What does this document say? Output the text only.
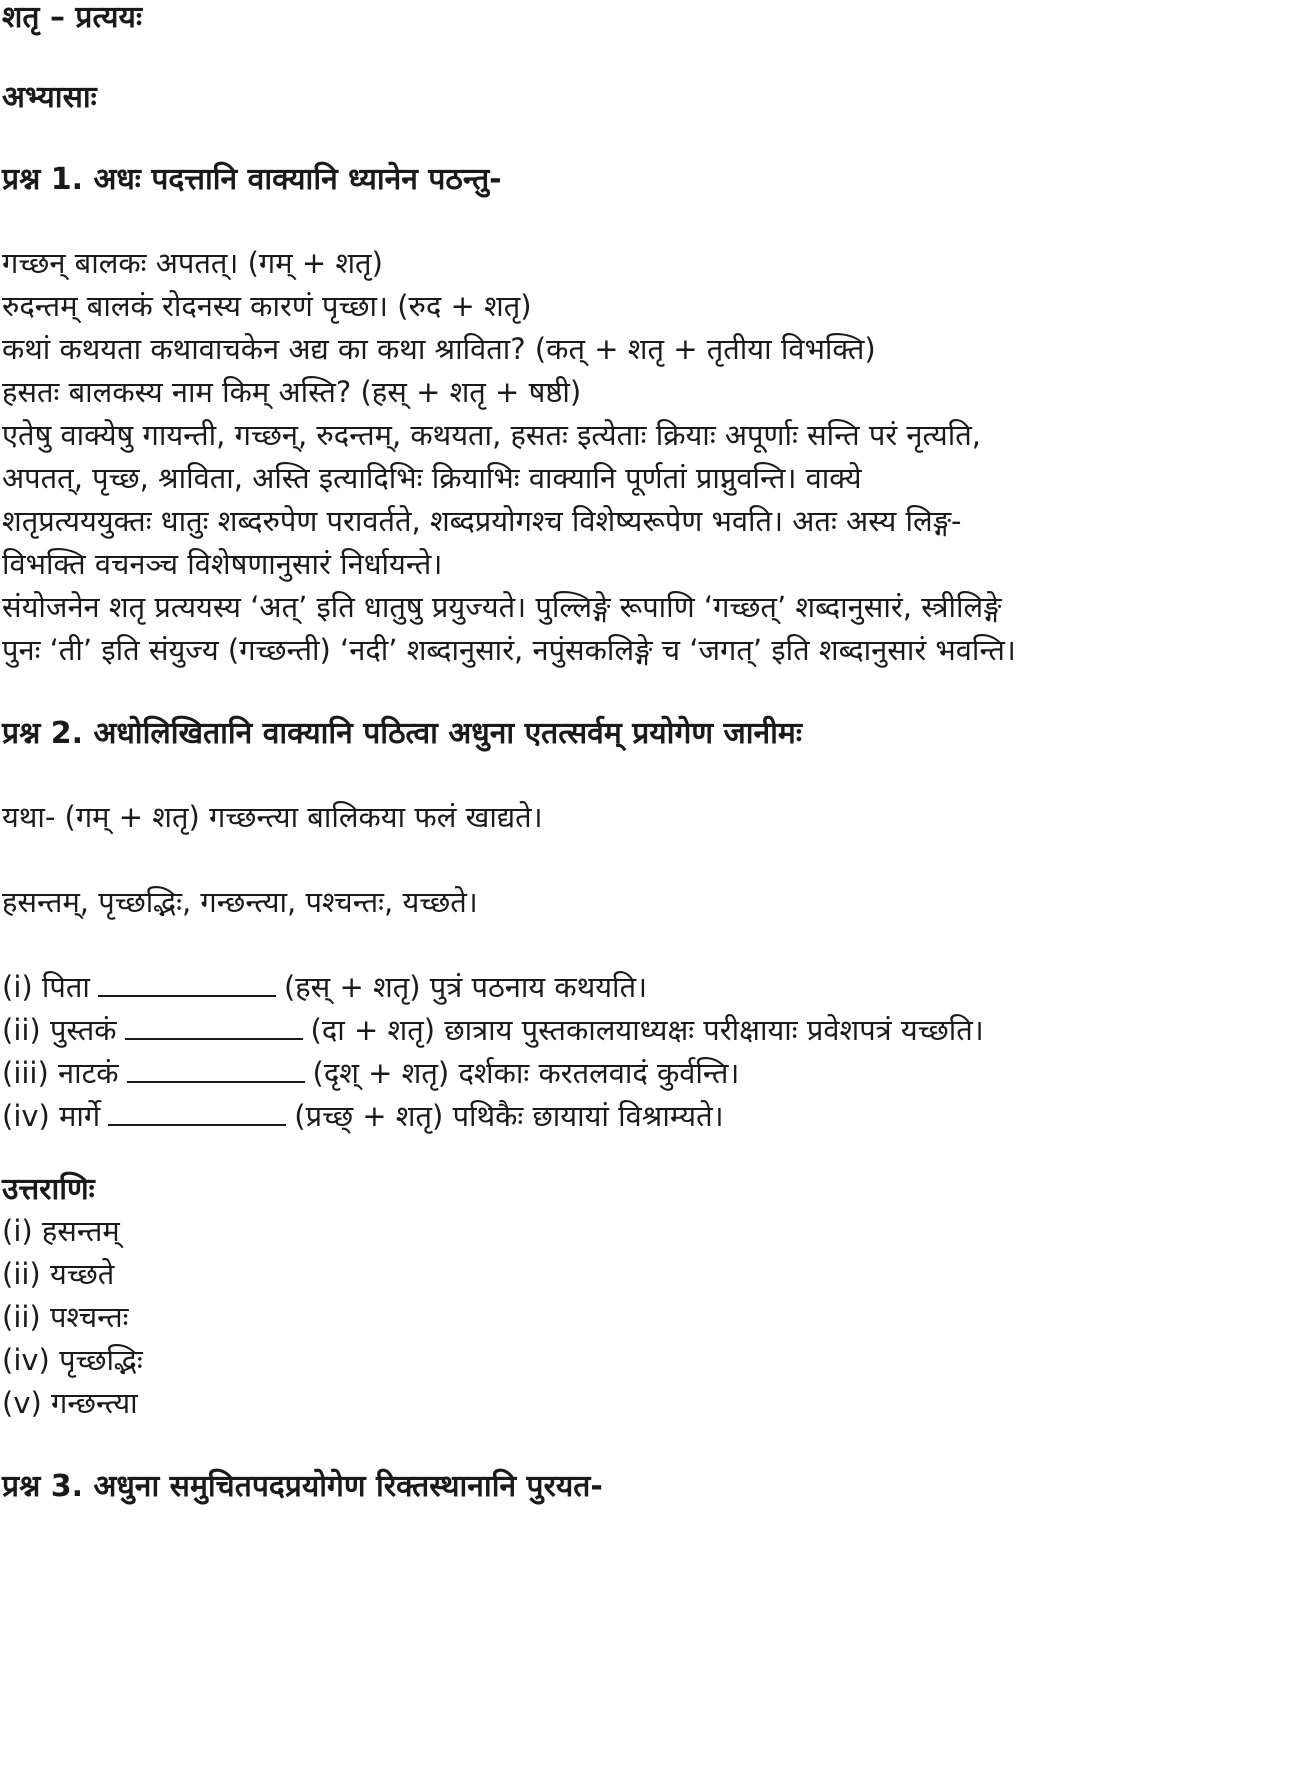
शतृ – प्रत्ययः

अभ्यासाः

प्रश्न 1. अधः पदत्तानि वाक्यानि ध्यानेन पठन्तु-

गच्छन् बालकः अपतत्। (गम् + शतृ)

रुदन्तम् बालकं रोदनस्य कारणं पृच्छा। (रुद + शतृ)

कथां कथयता कथावाचकेन अद्य का कथा श्राविता? (कत् + शतृ + तृतीया विभक्ति)

हसतः बालकस्य नाम किम् अस्ति? (हस् + शतृ + षष्ठी)

एतेषु वाक्येषु गायन्ती, गच्छन्, रुदन्तम्, कथयता, हसतः इत्येताः क्रियाः अपूर्णाः सन्ति परं नृत्यति,

अपतत्, पृच्छ, श्राविता, अस्ति इत्यादिभिः क्रियाभिः वाक्यानि पूर्णतां प्राप्नुवन्ति। वाक्ये

शतृप्रत्यययुक्तः धातुः शब्दरुपेण परावर्तते, शब्दप्रयोगश्च विशेष्यरूपेण भवति। अतः अस्य लिङ्ग-

विभक्ति वचनञ्च विशेषणानुसारं निर्धायन्ते।

संयोजनेन शतृ प्रत्ययस्य ‘अत्’ इति धातुषु प्रयुज्यते। पुल्लिङ्गे रूपाणि ‘गच्छत्’ शब्दानुसारं, स्त्रीलिङ्गे

पुनः ‘ती’ इति संयुज्य (गच्छन्ती) ‘नदी’ शब्दानुसारं, नपुंसकलिङ्गे च ‘जगत्’ इति शब्दानुसारं भवन्ति।

प्रश्न 2. अधोलिखितानि वाक्यानि पठित्वा अधुना एतत्सर्वम् प्रयोगेण जानीमः

यथा- (गम् + शतृ) गच्छन्त्या बालिकया फलं खाद्यते।

हसन्तम्, पृच्छद्भिः, गन्छन्त्या, पश्चन्तः, यच्छते।

(i) पिता	(हस् + शतृ) पुत्रं पठनाय कथयति।

(ii) पुस्तकं	(दा + शतृ) छात्राय पुस्तकालयाध्यक्षः परीक्षायाः प्रवेशपत्रं यच्छति।

(iii) नाटकं	(दृश् + शतृ) दर्शकाः करतलवादं कुर्वन्ति।

(iv) मार्गे	(प्रच्छ् + शतृ) पथिकैः छायायां विश्राम्यते।

उत्तराणिः

(i) हसन्तम्

(ii) यच्छते

(ii) पश्चन्तः

(iv) पृच्छद्भिः

(v) गन्छन्त्या

प्रश्न 3. अधुना समुचितपदप्रयोगेण रिक्तस्थानानि पुरयत-
